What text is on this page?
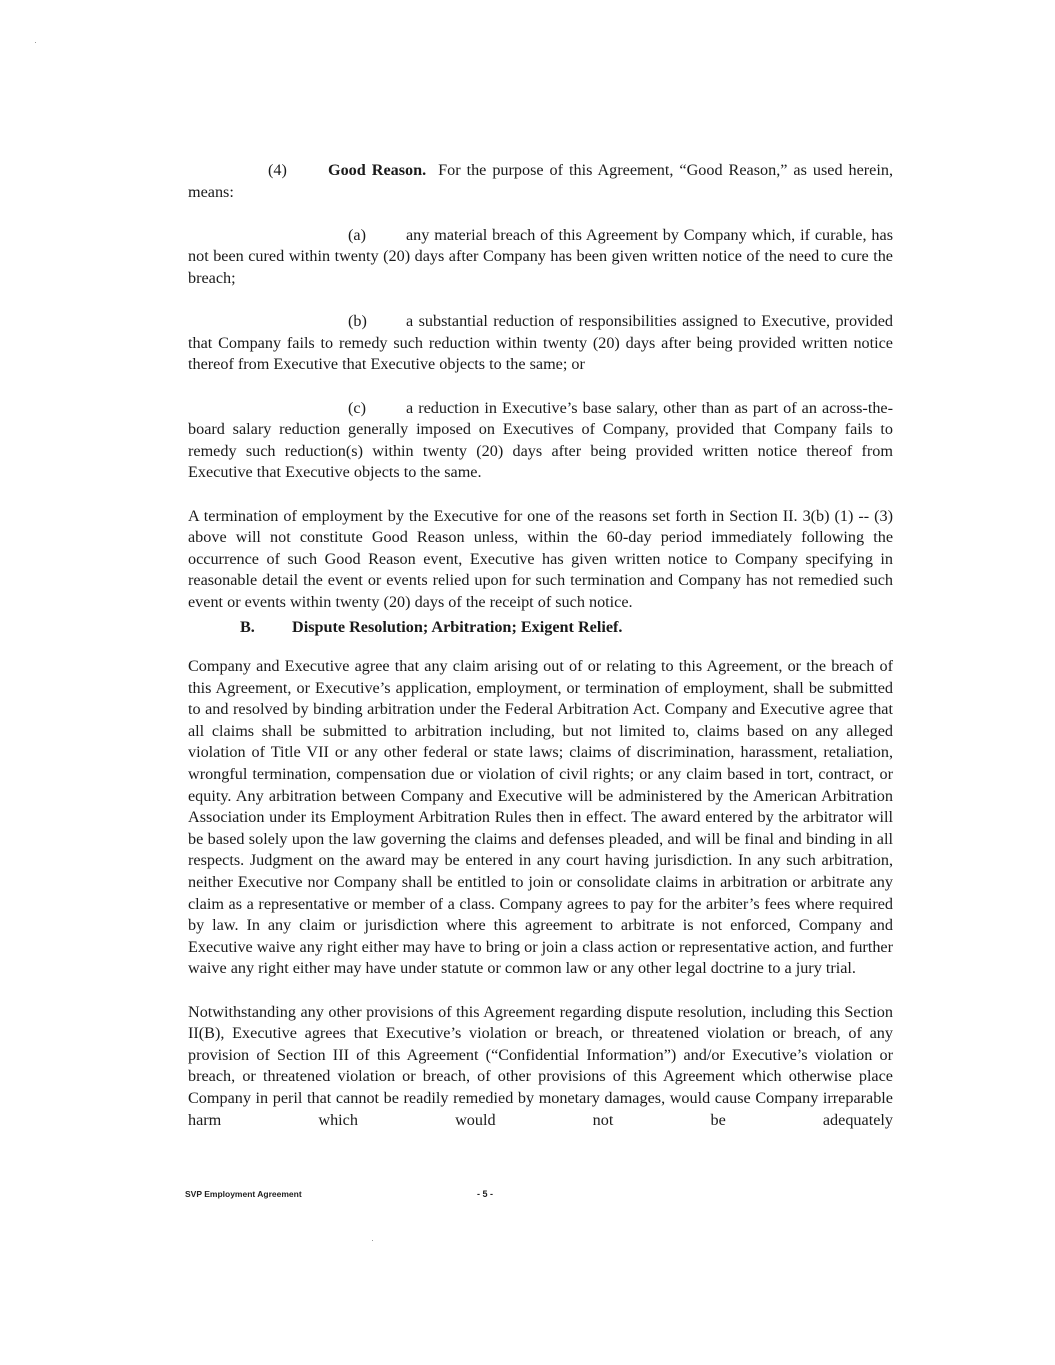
(4)	Good Reason. For the purpose of this Agreement, “Good Reason,” as used herein, means:

(a) any material breach of this Agreement by Company which, if curable, has not been cured within twenty (20) days after Company has been given written notice of the need to cure the breach;

(b) a substantial reduction of responsibilities assigned to Executive, provided that Company fails to remedy such reduction within twenty (20) days after being provided written notice thereof from Executive that Executive objects to the same; or

(c) a reduction in Executive’s base salary, other than as part of an across-the-board salary reduction generally imposed on Executives of Company, provided that Company fails to remedy such reduction(s) within twenty (20) days after being provided written notice thereof from Executive that Executive objects to the same.

A termination of employment by the Executive for one of the reasons set forth in Section II. 3(b) (1) -- (3) above will not constitute Good Reason unless, within the 60-day period immediately following the occurrence of such Good Reason event, Executive has given written notice to Company specifying in reasonable detail the event or events relied upon for such termination and Company has not remedied such event or events within twenty (20) days of the receipt of such notice.

B. Dispute Resolution; Arbitration; Exigent Relief.

Company and Executive agree that any claim arising out of or relating to this Agreement, or the breach of this Agreement, or Executive’s application, employment, or termination of employment, shall be submitted to and resolved by binding arbitration under the Federal Arbitration Act. Company and Executive agree that all claims shall be submitted to arbitration including, but not limited to, claims based on any alleged violation of Title VII or any other federal or state laws; claims of discrimination, harassment, retaliation, wrongful termination, compensation due or violation of civil rights; or any claim based in tort, contract, or equity. Any arbitration between Company and Executive will be administered by the American Arbitration Association under its Employment Arbitration Rules then in effect. The award entered by the arbitrator will be based solely upon the law governing the claims and defenses pleaded, and will be final and binding in all respects. Judgment on the award may be entered in any court having jurisdiction. In any such arbitration, neither Executive nor Company shall be entitled to join or consolidate claims in arbitration or arbitrate any claim as a representative or member of a class. Company agrees to pay for the arbiter’s fees where required by law. In any claim or jurisdiction where this agreement to arbitrate is not enforced, Company and Executive waive any right either may have to bring or join a class action or representative action, and further waive any right either may have under statute or common law or any other legal doctrine to a jury trial.

Notwithstanding any other provisions of this Agreement regarding dispute resolution, including this Section II(B), Executive agrees that Executive’s violation or breach, or threatened violation or breach, of any provision of Section III of this Agreement (“Confidential Information”) and/or Executive’s violation or breach, or threatened violation or breach, of other provisions of this Agreement which otherwise place Company in peril that cannot be readily remedied by monetary damages, would cause Company irreparable harm which would not be adequately

SVP Employment Agreement	- 5 -
